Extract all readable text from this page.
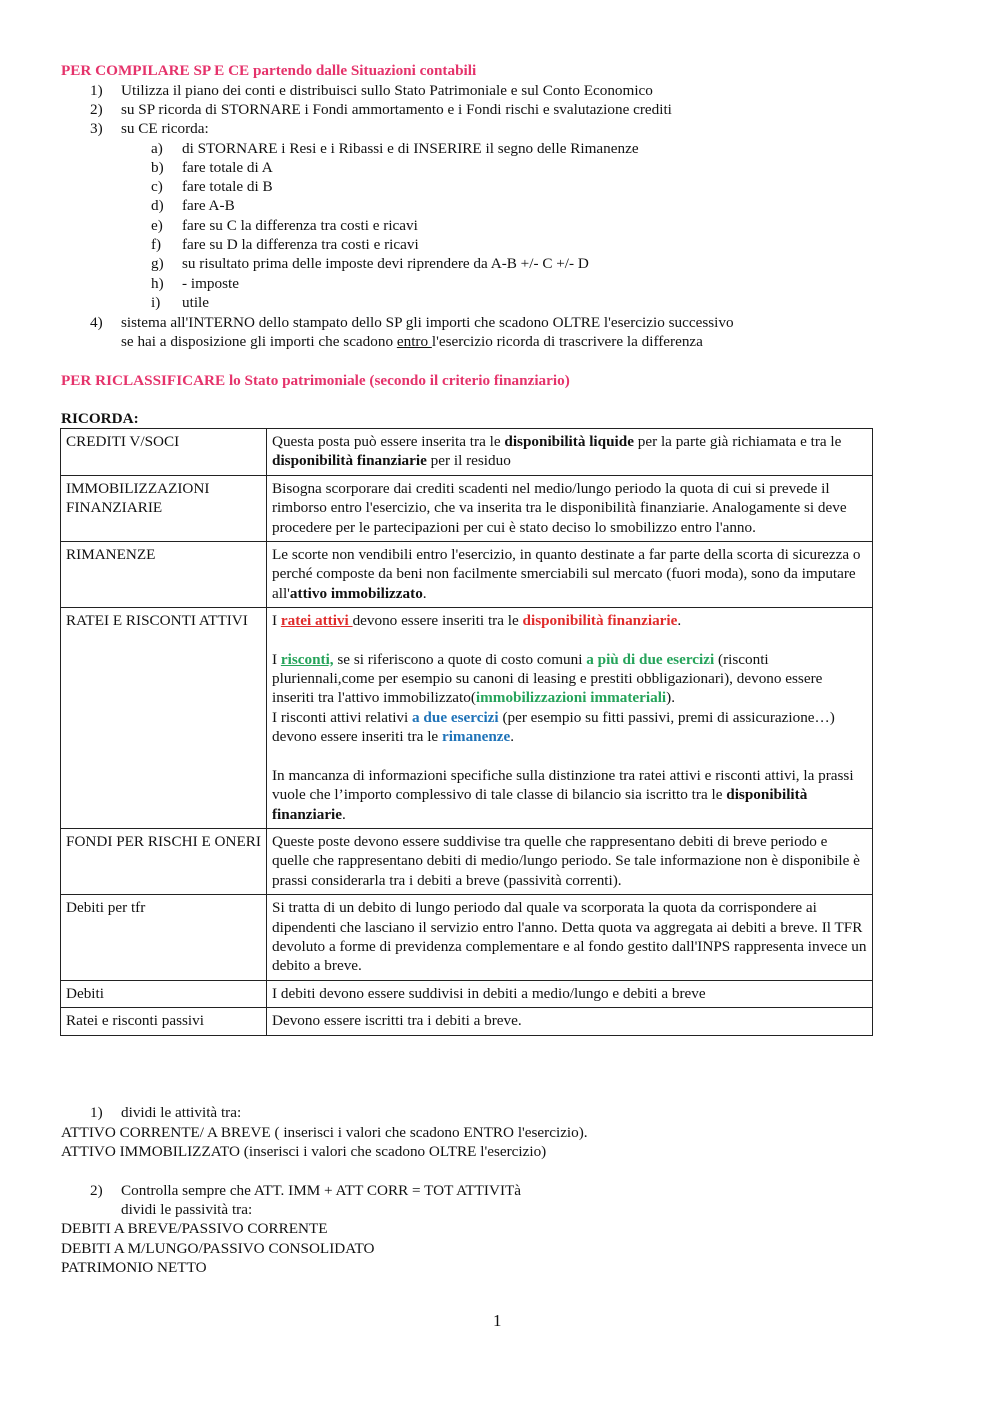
PER COMPILARE SP E CE partendo dalle Situazioni contabili
1) Utilizza il piano dei conti e distribuisci sullo Stato Patrimoniale e sul Conto Economico
2) su SP ricorda di STORNARE i Fondi ammortamento e i Fondi rischi e svalutazione crediti
3) su CE ricorda:
a) di STORNARE i Resi e i Ribassi e di INSERIRE il segno delle Rimanenze
b) fare totale di A
c) fare totale di B
d) fare A-B
e) fare su C la differenza tra costi e ricavi
f) fare su D la differenza tra costi e ricavi
g) su risultato prima delle imposte devi riprendere da A-B +/- C +/- D
h) - imposte
i) utile
4) sistema all'INTERNO dello stampato dello SP gli importi che scadono OLTRE l'esercizio successivo
se hai a disposizione gli importi che scadono entro l'esercizio ricorda di trascrivere la differenza
PER RICLASSIFICARE lo Stato patrimoniale (secondo il criterio finanziario)
RICORDA:
CREDITI V/SOCI	Questa posta può essere inserita tra le disponibilità liquide per la parte già richiamata e tra le disponibilità finanziarie per il residuo
IMMOBILIZZAZIONI FINANZIARIE	Bisogna scorporare dai crediti scadenti nel medio/lungo periodo la quota di cui si prevede il rimborso entro l'esercizio, che va inserita tra le disponibilità finanziarie. Analogamente si deve procedere per le partecipazioni per cui è stato deciso lo smobilizzo entro l'anno.
RIMANENZE	Le scorte non vendibili entro l'esercizio, in quanto destinate a far parte della scorta di sicurezza o perché composte da beni non facilmente smerciabili sul mercato (fuori moda), sono da imputare all'attivo immobilizzato.
RATEI E RISCONTI ATTIVI	I ratei attivi devono essere inseriti tra le disponibilità finanziarie.

I risconti, se si riferiscono a quote di costo comuni a più di due esercizi (risconti pluriennali,come per esempio su canoni di leasing e prestiti obbligazionari), devono essere inseriti tra l'attivo immobilizzato(immobilizzazioni immateriali).

I risconti attivi relativi a due esercizi (per esempio su fitti passivi, premi di assicurazione…) devono essere inseriti tra le rimanenze.

In mancanza di informazioni specifiche sulla distinzione tra ratei attivi e risconti attivi, la prassi vuole che l’importo complessivo di tale classe di bilancio sia iscritto tra le disponibilità finanziarie.

FONDI PER RISCHI E ONERI	Queste poste devono essere suddivise tra quelle che rappresentano debiti di breve periodo e quelle che rappresentano debiti di medio/lungo periodo. Se tale informazione non è disponibile è prassi considerarla tra i debiti a breve (passività correnti).
Debiti per tfr	Si tratta di un debito di lungo periodo dal quale va scorporata la quota da corrispondere ai dipendenti che lasciano il servizio entro l'anno. Detta quota va aggregata ai debiti a breve. Il TFR devoluto a forme di previdenza complementare e al fondo gestito dall'INPS rappresenta invece un debito a breve.
Debiti	I debiti devono essere suddivisi in debiti a medio/lungo e debiti a breve
Ratei e risconti passivi	Devono essere iscritti tra i debiti a breve.
1) dividi le attività tra:
ATTIVO CORRENTE/ A BREVE ( inserisci i valori che scadono ENTRO l'esercizio).
ATTIVO IMMOBILIZZATO (inserisci i valori che scadono OLTRE l'esercizio)
2) Controlla sempre che ATT. IMM + ATT CORR = TOT ATTIVITà
dividi le passività tra:
DEBITI A BREVE/PASSIVO CORRENTE
DEBITI A M/LUNGO/PASSIVO CONSOLIDATO
PATRIMONIO NETTO
1
